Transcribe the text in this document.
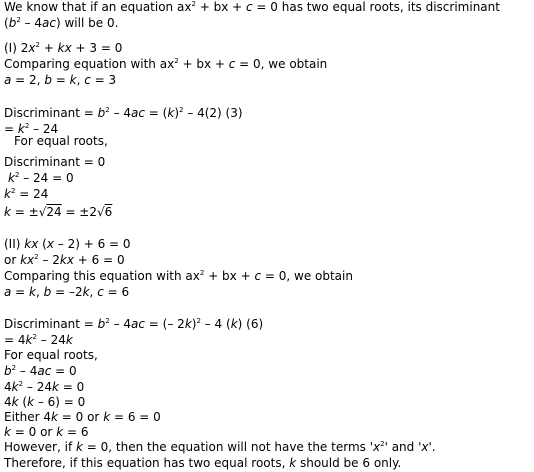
We know that if an equation $ax^2$ + bx + c = 0 has two equal roots, its discriminant
$(b^2 - 4ac)$ will be 0.
(I) $2x^2$ + kx + 3 = 0
Comparing equation with $ax^2$ + bx + c = 0, we obtain
a = 2, b = k, c = 3
Discriminant = $b^2 - 4ac = (k)^2 - 4(2)$ (3)
= $k^2 - 24$
For equal roots,
Discriminant = 0
$k^2 - 24 = 0$
$k^2 = 24$
k = ±√24 = ±2√6
(II) kx (x – 2) + 6 = 0
or $kx^2 - 2kx + 6 = 0$
Comparing this equation with $ax^2$ + bx + c = 0, we obtain
a = k, b = –2k, c = 6
Discriminant = $b^2 - 4ac$ = (– 2k)$^2$ – 4 (k) (6)
= $4k^2 - 24k$
For equal roots,
$b^2 - 4ac = 0$
$4k^2 - 24k = 0$
4k (k – 6) = 0
Either 4k = 0 or k = 6 = 0
k = 0 or k = 6
However, if k = 0, then the equation will not have the terms '$x^2$' and 'x'.
Therefore, if this equation has two equal roots, k should be 6 only.
